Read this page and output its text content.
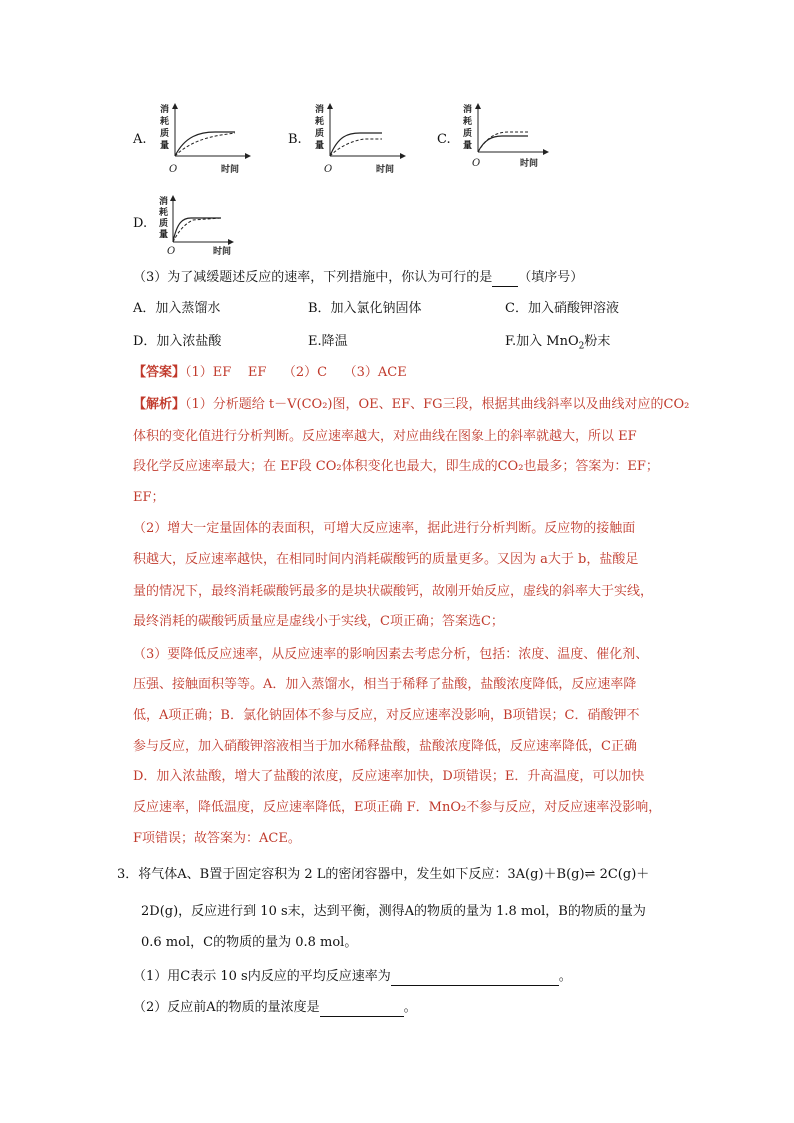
A.
消
耗
质
量
O	时间
B.
消
耗
质
量
O	时间
C.
消
耗
质
量
O	时间
D.
消
耗
质
量
O	时间
（3）为了减缓题述反应的速率，下列措施中，你认为可行的是 （填序号）
A．加入蒸馏水	B．加入氯化钠固体	C．加入硝酸钾溶液
D．加入浓盐酸	E.降温	F.加入 MnO$_2$粉末
【答案】（1）EF    EF    （2）C    （3）ACE
【解析】（1）分析题给 t－V(CO₂)图，OE、EF、FG三段，根据其曲线斜率以及曲线对应的CO₂
体积的变化值进行分析判断。反应速率越大，对应曲线在图象上的斜率就越大，所以 EF
段化学反应速率最大；在 EF段 CO₂体积变化也最大，即生成的CO₂也最多；答案为：EF；
EF；
（2）增大一定量固体的表面积，可增大反应速率，据此进行分析判断。反应物的接触面
积越大，反应速率越快，在相同时间内消耗碳酸钙的质量更多。又因为 a大于 b，盐酸足
量的情况下，最终消耗碳酸钙最多的是块状碳酸钙，故刚开始反应，虚线的斜率大于实线，
最终消耗的碳酸钙质量应是虚线小于实线，C项正确；答案选C；
（3）要降低反应速率，从反应速率的影响因素去考虑分析，包括：浓度、温度、催化剂、
压强、接触面积等等。A．加入蒸馏水，相当于稀释了盐酸，盐酸浓度降低，反应速率降
低，A项正确；B．氯化钠固体不参与反应，对反应速率没影响，B项错误；C．硝酸钾不
参与反应，加入硝酸钾溶液相当于加水稀释盐酸，盐酸浓度降低，反应速率降低，C正确
D．加入浓盐酸，增大了盐酸的浓度，反应速率加快，D项错误；E．升高温度，可以加快
反应速率，降低温度，反应速率降低，E项正确 F．MnO₂不参与反应，对反应速率没影响，
F项错误；故答案为：ACE。
3．将气体A、B置于固定容积为 2 L的密闭容器中，发生如下反应：3A(g)＋B(g)⇌ 2C(g)＋
2D(g)，反应进行到 10 s末，达到平衡，测得A的物质的量为 1.8 mol，B的物质的量为
0.6 mol，C的物质的量为 0.8 mol。
（1）用C表示 10 s内反应的平均反应速率为	。
（2）反应前A的物质的量浓度是	。
